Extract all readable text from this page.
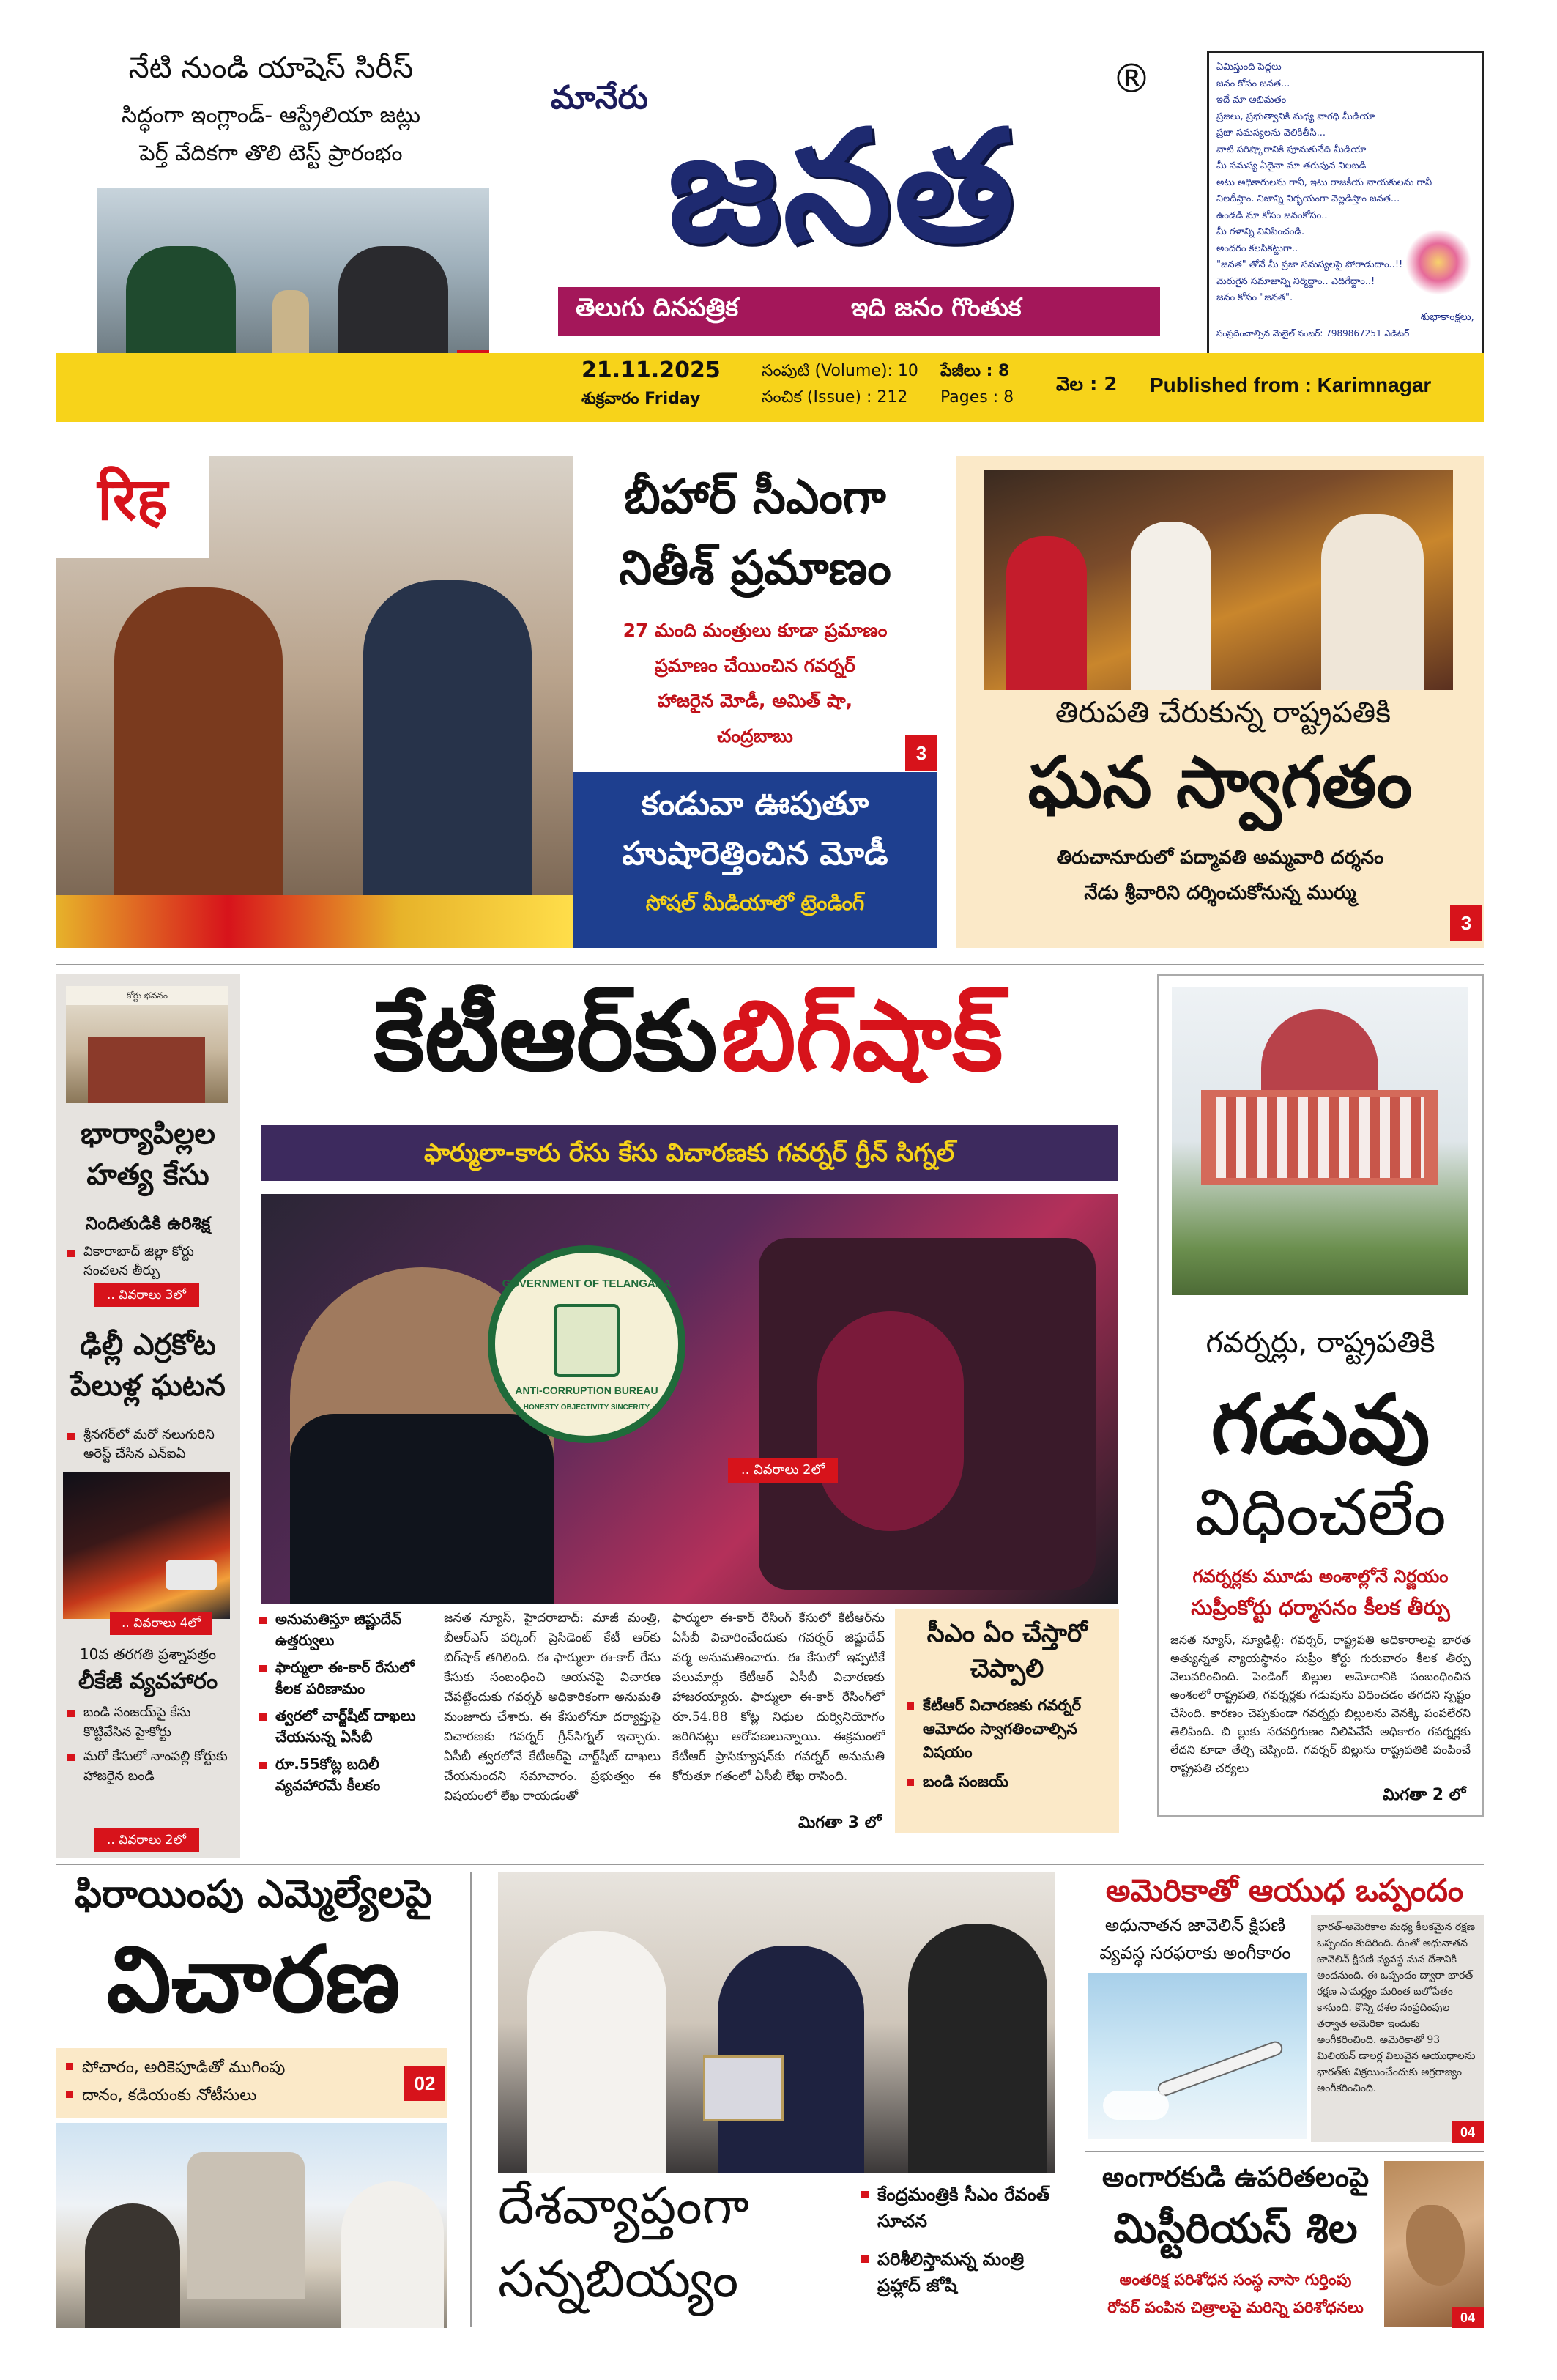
నేటి నుండి యాషెస్ సిరీస్
సిద్ధంగా ఇంగ్లాండ్- ఆస్ట్రేలియా జట్లు
పెర్త్ వేదికగా తొలి టెస్ట్ ప్రారంభం
మానేరు జనత
®
తెలుగు దినపత్రిక	ఇది జనం గొంతుక
ఏమిస్తుంది పెద్దలు
జనం కోసం జనత...
ఇదే మా అభిమతం
ప్రజలు, ప్రభుత్వానికి మధ్య వారధి మీడియా
ప్రజా సమస్యలను వెలికితీసి...
వాటి పరిష్కారానికి పూనుకునేది మీడియా
మీ సమస్య ఏదైనా మా తరుపున నిలబడి
అటు అధికారులను గానీ, ఇటు రాజకీయ నాయకులను గానీ
నిలదీస్తాం. నిజాన్ని నిర్భయంగా వెల్లడిస్తాం జనత...
ఉండడి మా కోసం జనంకోసం..
మీ గళాన్ని వినిపించండి.
అందరం కలసికట్టుగా..
"జనత" తోనే మీ ప్రజా సమస్యలపై పోరాడుదాం..!!
మెరుగైన సమాజాన్ని నిర్మిద్దాం.. ఎదిగేద్దాం..!
జనం కోసం "జనత".
శుభాకాంక్షలు,
సంప్రదించాల్సిన మెబైల్ నంబర్: 7989867251 ఎడిటర్
21.11.2025
శుక్రవారం Friday
సంపుటి (Volume): 10
సంచిక (Issue) : 212
పేజీలు : 8
Pages : 8
వెల : 2 Published from : Karimnagar
रिह	బీహార్ సీఎంగా
నితీశ్ ప్రమాణం
27 మంది మంత్రులు కూడా ప్రమాణం
ప్రమాణం చేయించిన గవర్నర్
హాజరైన మోడీ, అమిత్ షా,
చంద్రబాబు
3
కండువా ఊపుతూ
హుషారెత్తించిన మోడీ
సోషల్ మీడియాలో ట్రెండింగ్
తిరుపతి చేరుకున్న రాష్ట్రపతికి
ఘన స్వాగతం
తిరుచానూరులో పద్మావతి అమ్మవారి దర్శనం
నేడు శ్రీవారిని దర్శించుకోనున్న ముర్ము
3
కోర్టు భవనం
భార్యాపిల్లల హత్య కేసు
నిందితుడికి ఉరిశిక్ష
వికారాబాద్ జిల్లా కోర్టు సంచలన తీర్పు
.. వివరాలు 3లో
ఢిల్లీ ఎర్రకోట పేలుళ్ల ఘటన
శ్రీనగర్‌లో మరో నలుగురిని అరెస్ట్ చేసిన ఎన్ఐఏ
.. వివరాలు 4లో
10వ తరగతి ప్రశ్నాపత్రం
లీకేజీ వ్యవహారం
బండి సంజయ్‌పై కేసు కొట్టివేసిన హైకోర్టు
మరో కేసులో నాంపల్లి కోర్టుకు హాజరైన బండి
.. వివరాలు 2లో
కేటీఆర్‌కు బిగ్‌షాక్
ఫార్ములా-కారు రేసు కేసు విచారణకు గవర్నర్ గ్రీన్ సిగ్నల్
GOVERNMENT OF TELANGANA
ANTI-CORRUPTION BUREAU
HONESTY OBJECTIVITY SINCERITY
.. వివరాలు 2లో
అనుమతిస్తూ జిష్ణుదేవ్ ఉత్తర్వులు
ఫార్ములా ఈ-కార్ రేసులో కీలక పరిణామం
త్వరలో చార్జ్‌షీట్ దాఖలు చేయనున్న ఏసీబీ
రూ.55కోట్ల బదిలీ వ్యవహారమే కీలకం
జనత న్యూస్, హైదరాబాద్: మాజీ మంత్రి, బీఆర్ఎస్ వర్కింగ్ ప్రెసిడెంట్ కేటీ ఆర్‌కు బిగ్‌షాక్ తగిలింది. ఈ ఫార్ములా ఈ-కార్ రేసు కేసుకు సంబంధించి ఆయనపై విచారణ చేపట్టేందుకు గవర్నర్ అధికారికంగా అనుమతి మంజూరు చేశారు. ఈ కేసులోనూ దర్యాప్తుపై విచారణకు గవర్నర్ గ్రీన్‌సిగ్నల్ ఇచ్చారు. ఏసీబీ త్వరలోనే కేటీఆర్‌పై చార్జ్‌షీట్ దాఖలు చేయనుందని సమాచారం. ప్రభుత్వం ఈ విషయంలో లేఖ రాయడంతో
ఫార్ములా ఈ-కార్ రేసింగ్ కేసులో కేటీఆర్‌ను ఏసీబీ విచారించేందుకు గవర్నర్ జిష్ణుదేవ్ వర్మ అనుమతించారు. ఈ కేసులో ఇప్పటికే పలుమార్లు కేటీఆర్ ఏసీబీ విచారణకు హాజరయ్యారు. ఫార్ములా ఈ-కార్ రేసింగ్‌లో రూ.54.88 కోట్ల నిధుల దుర్వినియోగం జరిగినట్లు ఆరోపణలున్నాయి. ఈక్రమంలో కేటీఆర్ ప్రాసిక్యూషన్‌కు గవర్నర్ అనుమతి కోరుతూ గతంలో ఏసీబీ లేఖ రాసింది.
మిగతా 3 లో
సీఎం ఏం చేస్తారో చెప్పాలి
కేటీఆర్ విచారణకు గవర్నర్ ఆమోదం స్వాగతించాల్సిన విషయం
బండి సంజయ్
గవర్నర్లు, రాష్ట్రపతికి
గడువు
విధించలేం
గవర్నర్లకు మూడు అంశాల్లోనే నిర్ణయం
సుప్రీంకోర్టు ధర్మాసనం కీలక తీర్పు
జనత న్యూస్, న్యూఢిల్లీ: గవర్నర్, రాష్ట్రపతి అధికారాలపై భారత అత్యున్నత న్యాయస్థానం సుప్రీం కోర్టు గురువారం కీలక తీర్పు వెలువరించింది. పెండింగ్ బిల్లుల ఆమోదానికి సంబంధించిన అంశంలో రాష్ట్రపతి, గవర్నర్లకు గడువును విధించడం తగదని స్పష్టం చేసింది. కారణం చెప్పకుండా గవర్నర్లు బిల్లులను వెనక్కి పంపలేరని తెలిపింది. బి ల్లుకు సరవర్తిగుణం నిలిపివేసే అధికారం గవర్నర్లకు లేదని కూడా తేల్చి చెప్పింది. గవర్నర్ బిల్లును రాష్ట్రపతికి పంపించే రాష్ట్రపతి చర్యలు
మిగతా 2 లో
ఫిరాయింపు ఎమ్మెల్యేలపై
విచారణ
పోచారం, అరికెపూడితో ముగింపు
దానం, కడియంకు నోటీసులు
02
దేశవ్యాప్తంగా
సన్నబియ్యం
కేంద్రమంత్రికి సీఎం రేవంత్ సూచన
పరిశీలిస్తామన్న మంత్రి ప్రహ్లాద్ జోషి
అమెరికాతో ఆయుధ ఒప్పందం
అధునాతన జావెలిన్ క్షిపణి
వ్యవస్థ సరఫరాకు అంగీకారం
భారత్-అమెరికాల మధ్య కీలకమైన రక్షణ ఒప్పందం కుదిరింది. దీంతో అధునాతన జావెలిన్ క్షిపణి వ్యవస్థ మన దేశానికి అందనుంది. ఈ ఒప్పందం ద్వారా భారత్ రక్షణ సామర్థ్యం మరింత బలోపేతం కానుంది. కొన్ని దశల సంప్రదింపుల తర్వాత అమెరికా ఇందుకు అంగీకరించింది. అమెరికాతో 93 మిలియన్ డాలర్ల విలువైన ఆయుధాలను భారత్‌కు విక్రయించేందుకు అగ్రరాజ్యం అంగీకరించింది.
04
అంగారకుడి ఉపరితలంపై
మిస్టీరియస్ శిల
అంతరిక్ష పరిశోధన సంస్థ నాసా గుర్తింపు
రోవర్ పంపిన చిత్రాలపై మరిన్ని పరిశోధనలు
04
